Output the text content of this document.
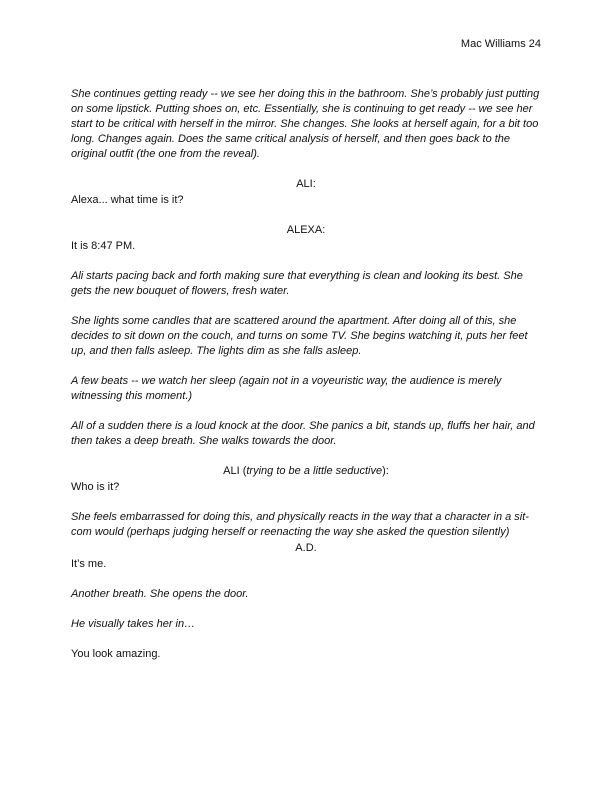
Mac Williams 24

She continues getting ready -- we see her doing this in the bathroom. She’s probably just putting on some lipstick. Putting shoes on, etc. Essentially, she is continuing to get ready -- we see her start to be critical with herself in the mirror. She changes. She looks at herself again, for a bit too long. Changes again. Does the same critical analysis of herself, and then goes back to the original outfit (the one from the reveal).

ALI:

Alexa... what time is it?

ALEXA:

It is 8:47 PM.

Ali starts pacing back and forth making sure that everything is clean and looking its best. She gets the new bouquet of flowers, fresh water.

She lights some candles that are scattered around the apartment. After doing all of this, she decides to sit down on the couch, and turns on some TV. She begins watching it, puts her feet up, and then falls asleep. The lights dim as she falls asleep.

A few beats -- we watch her sleep (again not in a voyeuristic way, the audience is merely witnessing this moment.)

All of a sudden there is a loud knock at the door. She panics a bit, stands up, fluffs her hair, and then takes a deep breath. She walks towards the door.

ALI (trying to be a little seductive):

Who is it?

She feels embarrassed for doing this, and physically reacts in the way that a character in a sit-com would (perhaps judging herself or reenacting the way she asked the question silently)

A.D.

It’s me.

Another breath. She opens the door.

He visually takes her in…

You look amazing.
